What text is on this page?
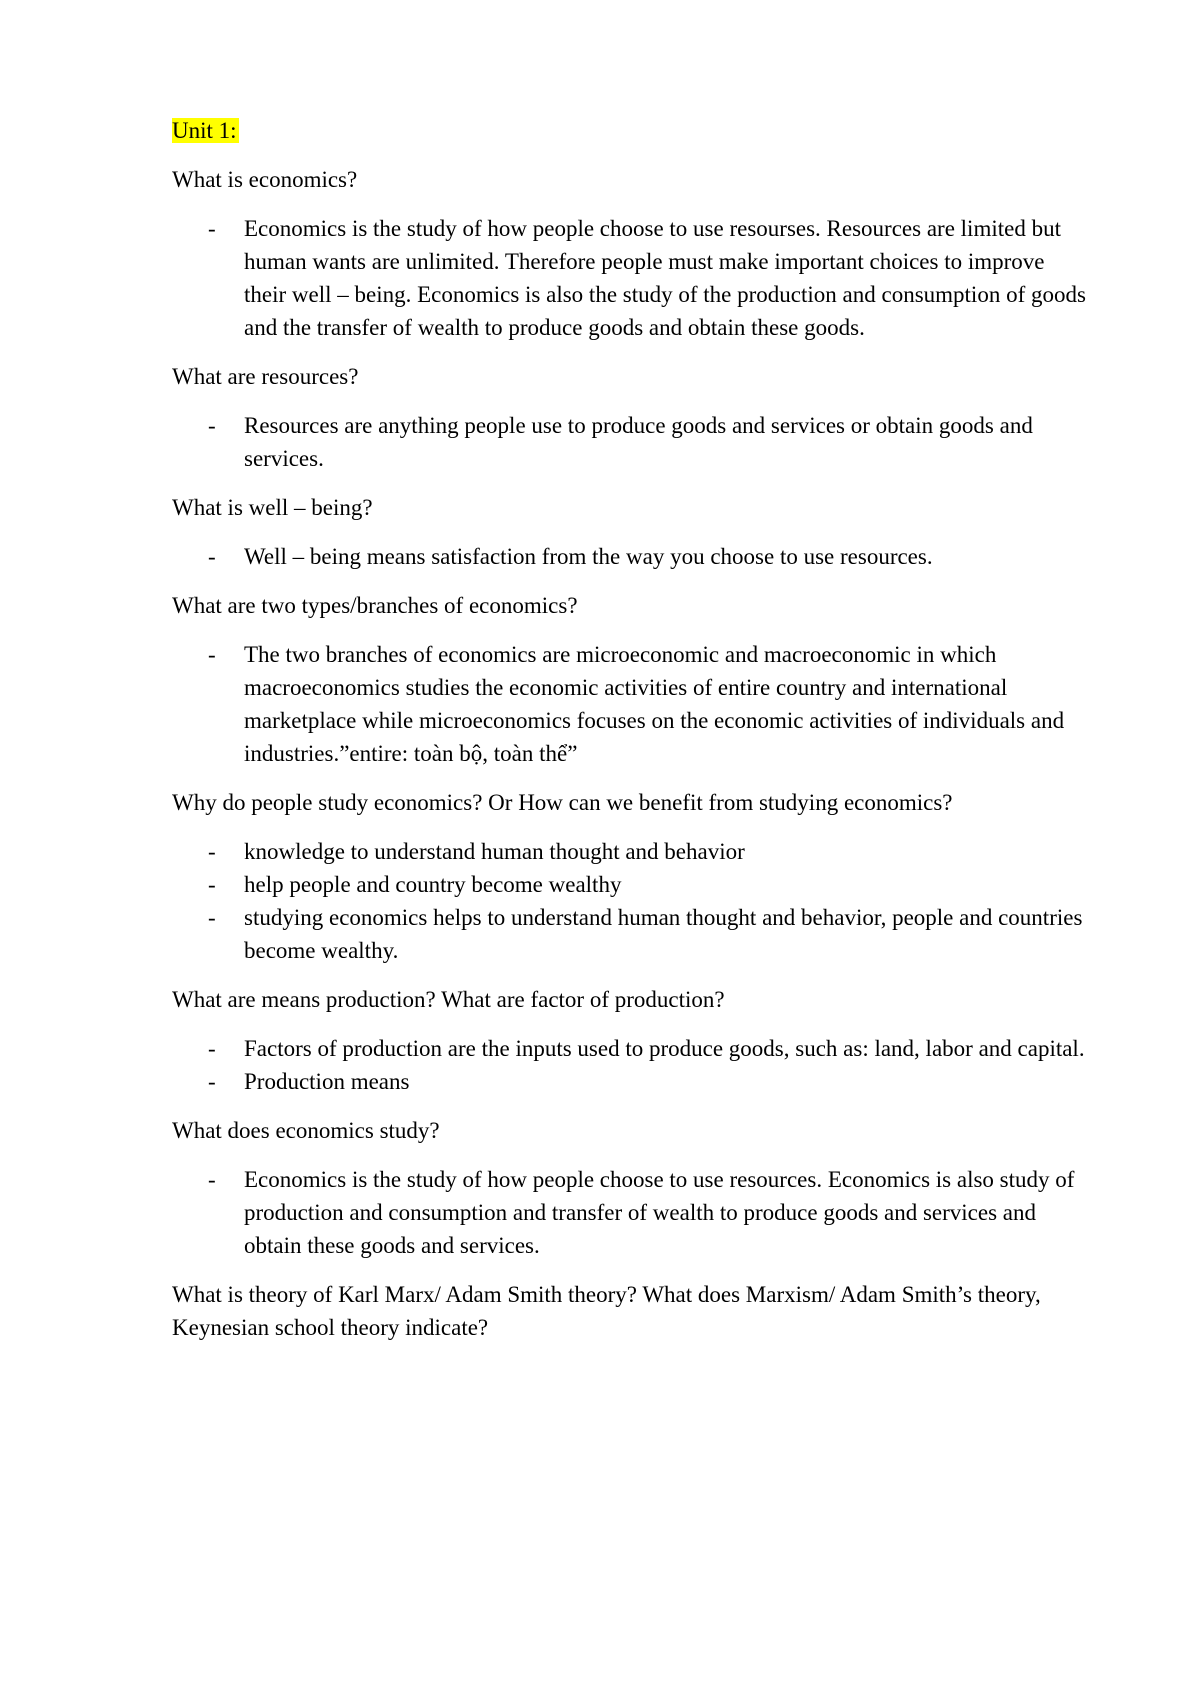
Unit 1:

What is economics?

- Economics is the study of how people choose to use resourses. Resources are limited but human wants are unlimited. Therefore people must make important choices to improve their well – being. Economics is also the study of the production and consumption of goods and the transfer of wealth to produce goods and obtain these goods.

What are resources?

- Resources are anything people use to produce goods and services or obtain goods and services.

What is well – being?

- Well – being means satisfaction from the way you choose to use resources.

What are two types/branches of economics?

- The two branches of economics are microeconomic and macroeconomic in which macroeconomics studies the economic activities of entire country and international marketplace while microeconomics focuses on the economic activities of individuals and industries.”entire: toàn bộ, toàn thể”

Why do people study economics? Or How can we benefit from studying economics?

- knowledge to understand human thought and behavior
- help people and country become wealthy
- studying economics helps to understand human thought and behavior, people and countries become wealthy.

What are means production? What are factor of production?

- Factors of production are the inputs used to produce goods, such as: land, labor and capital.
- Production means

What does economics study?

- Economics is the study of how people choose to use resources. Economics is also study of production and consumption and transfer of wealth to produce goods and services and obtain these goods and services.

What is theory of Karl Marx/ Adam Smith theory? What does Marxism/ Adam Smith’s theory, Keynesian school theory indicate?
